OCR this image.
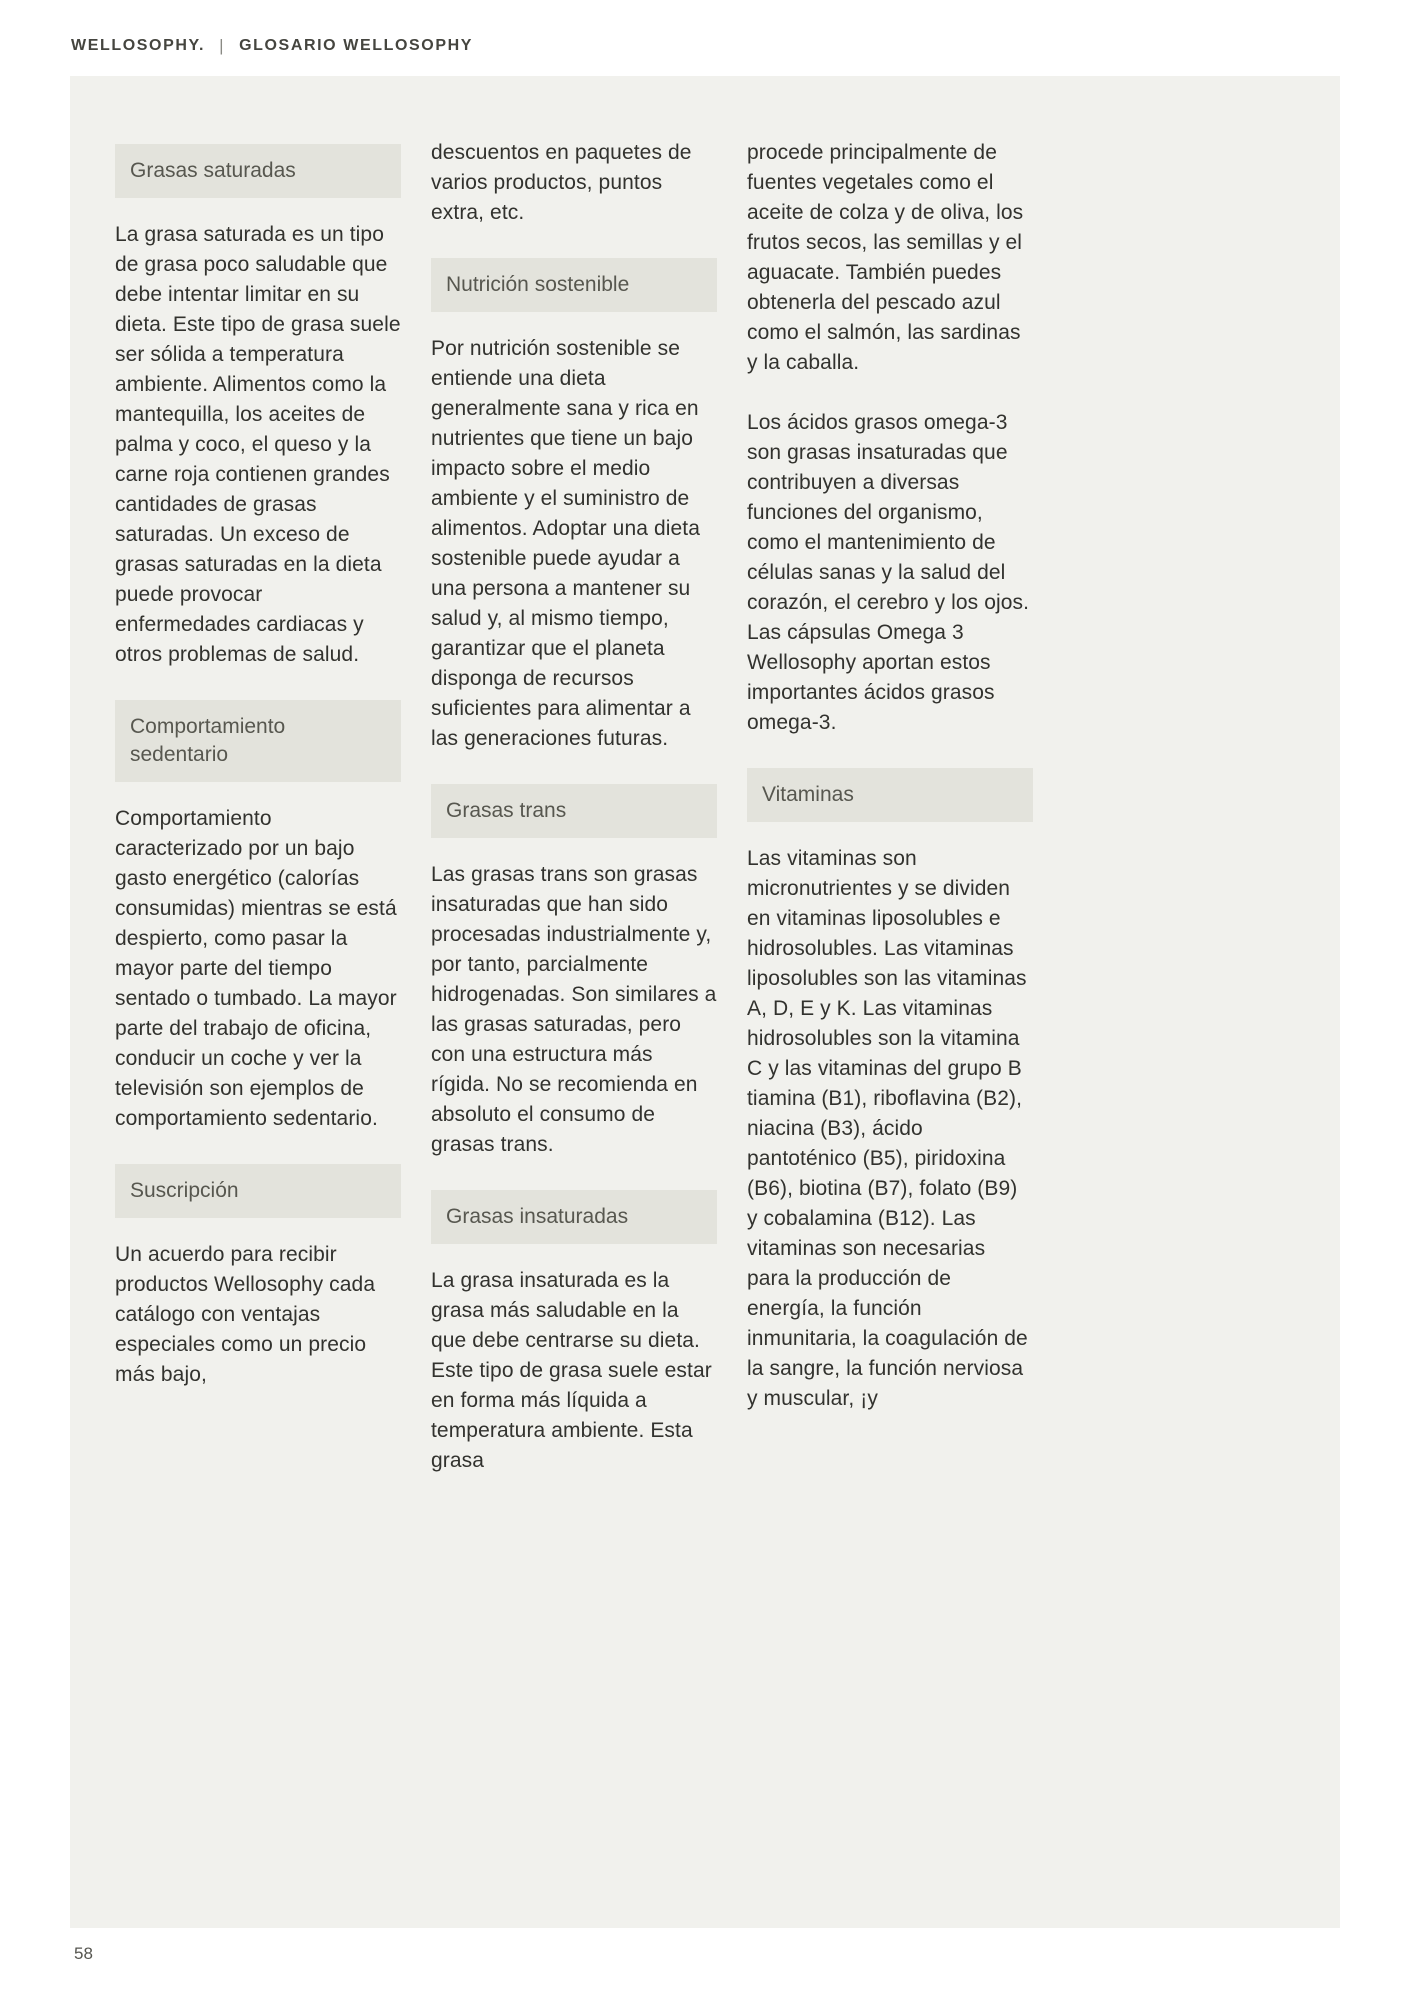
WELLOSOPHY. | GLOSARIO WELLOSOPHY
Grasas saturadas

La grasa saturada es un tipo de grasa poco saludable que debe intentar limitar en su dieta. Este tipo de grasa suele ser sólida a temperatura ambiente. Alimentos como la mantequilla, los aceites de palma y coco, el queso y la carne roja contienen grandes cantidades de grasas saturadas. Un exceso de grasas saturadas en la dieta puede provocar enfermedades cardiacas y otros problemas de salud.

Comportamiento sedentario

Comportamiento caracterizado por un bajo gasto energético (calorías consumidas) mientras se está despierto, como pasar la mayor parte del tiempo sentado o tumbado. La mayor parte del trabajo de oficina, conducir un coche y ver la televisión son ejemplos de comportamiento sedentario.

Suscripción

Un acuerdo para recibir productos Wellosophy cada catálogo con ventajas especiales como un precio más bajo,

descuentos en paquetes de varios productos, puntos extra, etc.

Nutrición sostenible

Por nutrición sostenible se entiende una dieta generalmente sana y rica en nutrientes que tiene un bajo impacto sobre el medio ambiente y el suministro de alimentos. Adoptar una dieta sostenible puede ayudar a una persona a mantener su salud y, al mismo tiempo, garantizar que el planeta disponga de recursos suficientes para alimentar a las generaciones futuras.

Grasas trans

Las grasas trans son grasas insaturadas que han sido procesadas industrialmente y, por tanto, parcialmente hidrogenadas. Son similares a las grasas saturadas, pero con una estructura más rígida. No se recomienda en absoluto el consumo de grasas trans.

Grasas insaturadas

La grasa insaturada es la grasa más saludable en la que debe centrarse su dieta. Este tipo de grasa suele estar en forma más líquida a temperatura ambiente. Esta grasa

procede principalmente de fuentes vegetales como el aceite de colza y de oliva, los frutos secos, las semillas y el aguacate. También puedes obtenerla del pescado azul como el salmón, las sardinas y la caballa.

Los ácidos grasos omega-3 son grasas insaturadas que contribuyen a diversas funciones del organismo, como el mantenimiento de células sanas y la salud del corazón, el cerebro y los ojos. Las cápsulas Omega 3 Wellosophy aportan estos importantes ácidos grasos omega-3.

Vitaminas

Las vitaminas son micronutrientes y se dividen en vitaminas liposolubles e hidrosolubles. Las vitaminas liposolubles son las vitaminas A, D, E y K. Las vitaminas hidrosolubles son la vitamina C y las vitaminas del grupo B tiamina (B1), riboflavina (B2), niacina (B3), ácido pantoténico (B5), piridoxina (B6), biotina (B7), folato (B9) y cobalamina (B12). Las vitaminas son necesarias para la producción de energía, la función inmunitaria, la coagulación de la sangre, la función nerviosa y muscular, ¡y

58
